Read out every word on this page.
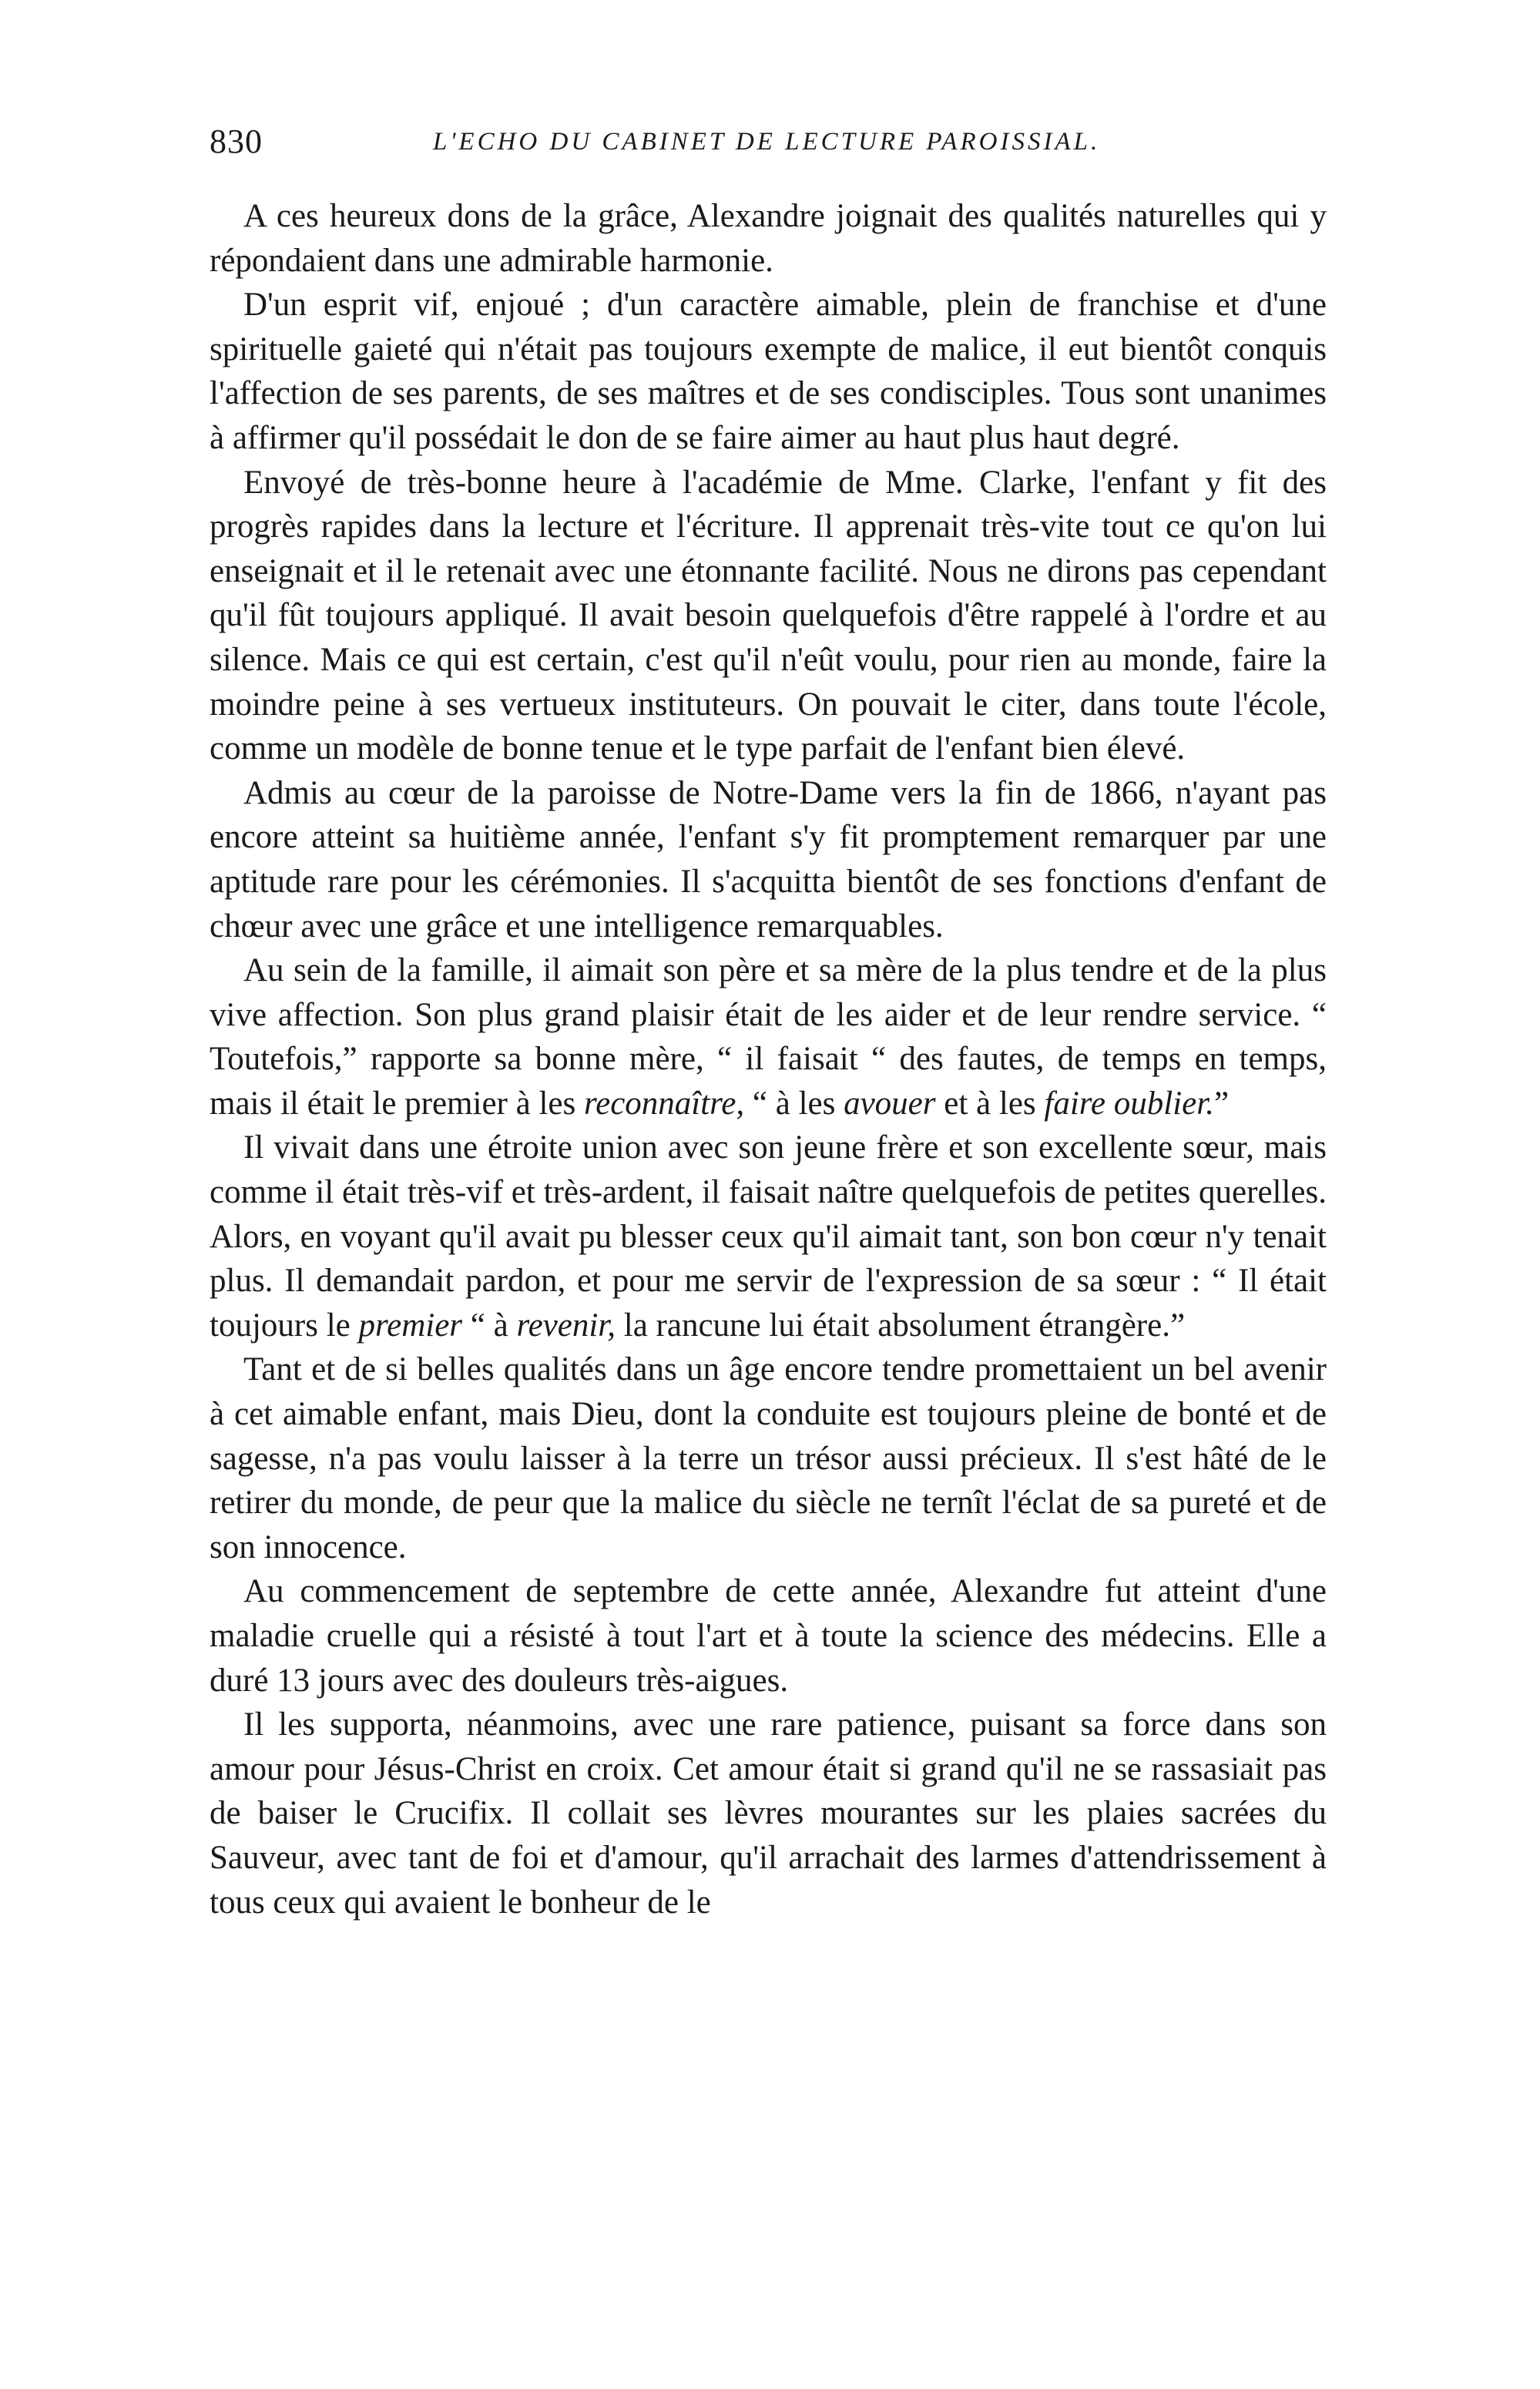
830	L'ECHO DU CABINET DE LECTURE PAROISSIAL.

A ces heureux dons de la grâce, Alexandre joignait des qualités naturelles qui y répondaient dans une admirable harmonie.

D'un esprit vif, enjoué ; d'un caractère aimable, plein de franchise et d'une spirituelle gaieté qui n'était pas toujours exempte de malice, il eut bientôt conquis l'affection de ses parents, de ses maîtres et de ses condisciples. Tous sont unanimes à affirmer qu'il possédait le don de se faire aimer au haut plus haut degré.

Envoyé de très-bonne heure à l'académie de Mme. Clarke, l'enfant y fit des progrès rapides dans la lecture et l'écriture. Il apprenait très-vite tout ce qu'on lui enseignait et il le retenait avec une étonnante facilité. Nous ne dirons pas cependant qu'il fût toujours appliqué. Il avait besoin quelquefois d'être rappelé à l'ordre et au silence. Mais ce qui est certain, c'est qu'il n'eût voulu, pour rien au monde, faire la moindre peine à ses vertueux instituteurs. On pouvait le citer, dans toute l'école, comme un modèle de bonne tenue et le type parfait de l'enfant bien élevé.

Admis au cœur de la paroisse de Notre-Dame vers la fin de 1866, n'ayant pas encore atteint sa huitième année, l'enfant s'y fit promptement remarquer par une aptitude rare pour les cérémonies. Il s'acquitta bientôt de ses fonctions d'enfant de chœur avec une grâce et une intelligence remarquables.

Au sein de la famille, il aimait son père et sa mère de la plus tendre et de la plus vive affection. Son plus grand plaisir était de les aider et de leur rendre service. “ Toutefois,” rapporte sa bonne mère, “ il faisait “ des fautes, de temps en temps, mais il était le premier à les reconnaître, “ à les avouer et à les faire oublier.”

Il vivait dans une étroite union avec son jeune frère et son excellente sœur, mais comme il était très-vif et très-ardent, il faisait naître quelquefois de petites querelles. Alors, en voyant qu'il avait pu blesser ceux qu'il aimait tant, son bon cœur n'y tenait plus. Il demandait pardon, et pour me servir de l'expression de sa sœur : “ Il était toujours le premier “ à revenir, la rancune lui était absolument étrangère.”

Tant et de si belles qualités dans un âge encore tendre promettaient un bel avenir à cet aimable enfant, mais Dieu, dont la conduite est toujours pleine de bonté et de sagesse, n'a pas voulu laisser à la terre un trésor aussi précieux. Il s'est hâté de le retirer du monde, de peur que la malice du siècle ne ternît l'éclat de sa pureté et de son innocence.

Au commencement de septembre de cette année, Alexandre fut atteint d'une maladie cruelle qui a résisté à tout l'art et à toute la science des médecins. Elle a duré 13 jours avec des douleurs très-aigues.

Il les supporta, néanmoins, avec une rare patience, puisant sa force dans son amour pour Jésus-Christ en croix. Cet amour était si grand qu'il ne se rassasiait pas de baiser le Crucifix. Il collait ses lèvres mourantes sur les plaies sacrées du Sauveur, avec tant de foi et d'amour, qu'il arrachait des larmes d'attendrissement à tous ceux qui avaient le bonheur de le
